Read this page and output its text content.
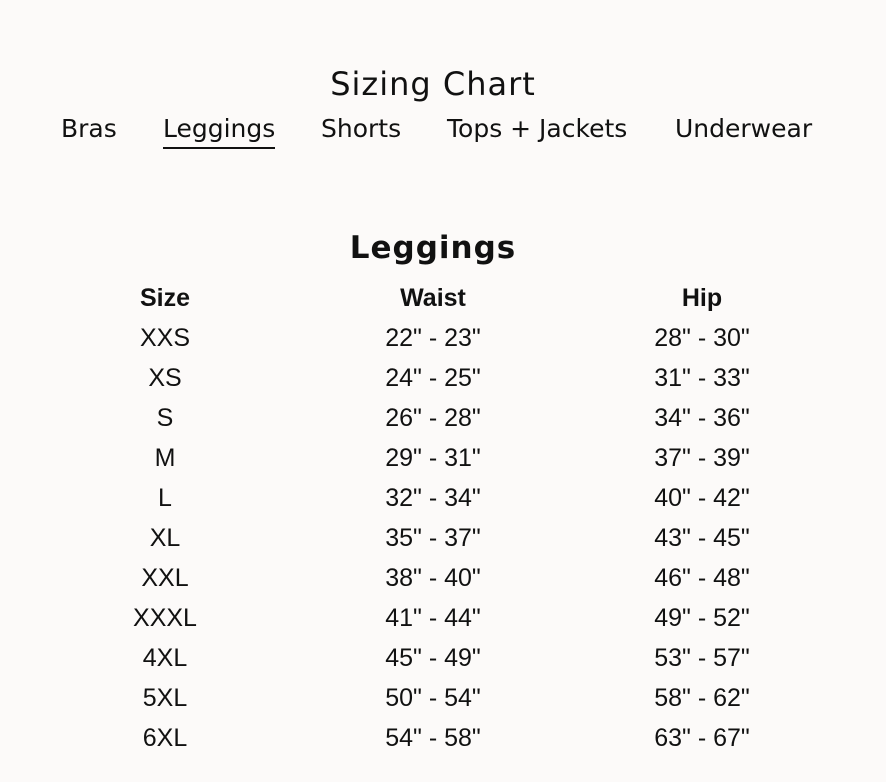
Sizing Chart
Bras Leggings Shorts Tops + Jackets Underwear
Leggings
Size	Waist	Hip
XXS	22" - 23"	28" - 30"
XS	24" - 25"	31" - 33"
S	26" - 28"	34" - 36"
M	29" - 31"	37" - 39"
L	32" - 34"	40" - 42"
XL	35" - 37"	43" - 45"
XXL	38" - 40"	46" - 48"
XXXL	41" - 44"	49" - 52"
4XL	45" - 49"	53" - 57"
5XL	50" - 54"	58" - 62"
6XL	54" - 58"	63" - 67"
